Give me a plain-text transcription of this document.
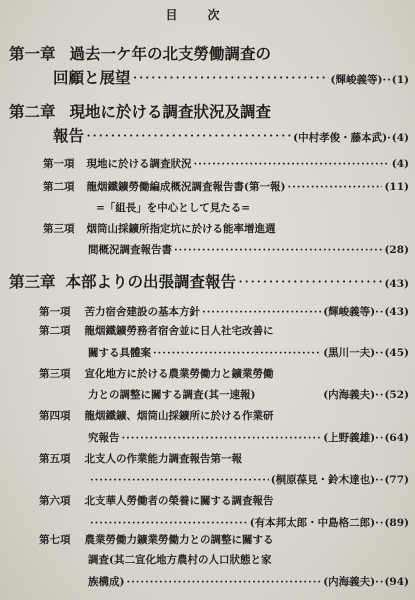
目次
第一章 過去一ケ年の北支勞働調査の
回顧と展望 ·····	(輝峻義等) ·· (1)
第二章 現地に於ける調査狀況及調査
報告 ·····	(中村孝俊・藤本武) · (4)
第一項 現地に於ける調査狀況 ·····	(4)
第二項 龍烟鐵鑛勞働編成概況調査報告書(第一報) ·····	(11)
=「組長」を中心として見たる=
第三項 烟筒山採鑛所指定坑に於ける能率增進週
間概況調査報告書 ·····	(28)
第三章 本部よりの出張調査報告 ·····	(43)
第一項 苦力宿舍建設の基本方針 ·····	(輝峻義等) ·· (43)
第二項 龍烟鐵鑛勞務者宿舍並に日人社宅改善に
關する具體案 ·····	(黒川一夫) ·· (45)
第三項 宣化地方に於ける農業勞働力と鑛業勞働
力との調整に關する調査(其一速報)	(内海義夫) ·· (52)
第四項 龍烟鐵鑛、烟筒山採鑛所に於ける作業研
究報告 ·····	(上野義雄) ·· (64)
第五項 北支人の作業能力調査報告第一報
·····
(桐原葆見・鈴木達也) ·· (77)
第六項 北支華人勞働者の榮養に關する調査報告
·····
(有本邦太郎・中島格二郎) ·· (89)
第七項 農業勞働力鑛業勞働力との調整に關する
調査(其二宣化地方農村の人口狀態と家
族構成) ·····	(内海義夫) ·· (94)
